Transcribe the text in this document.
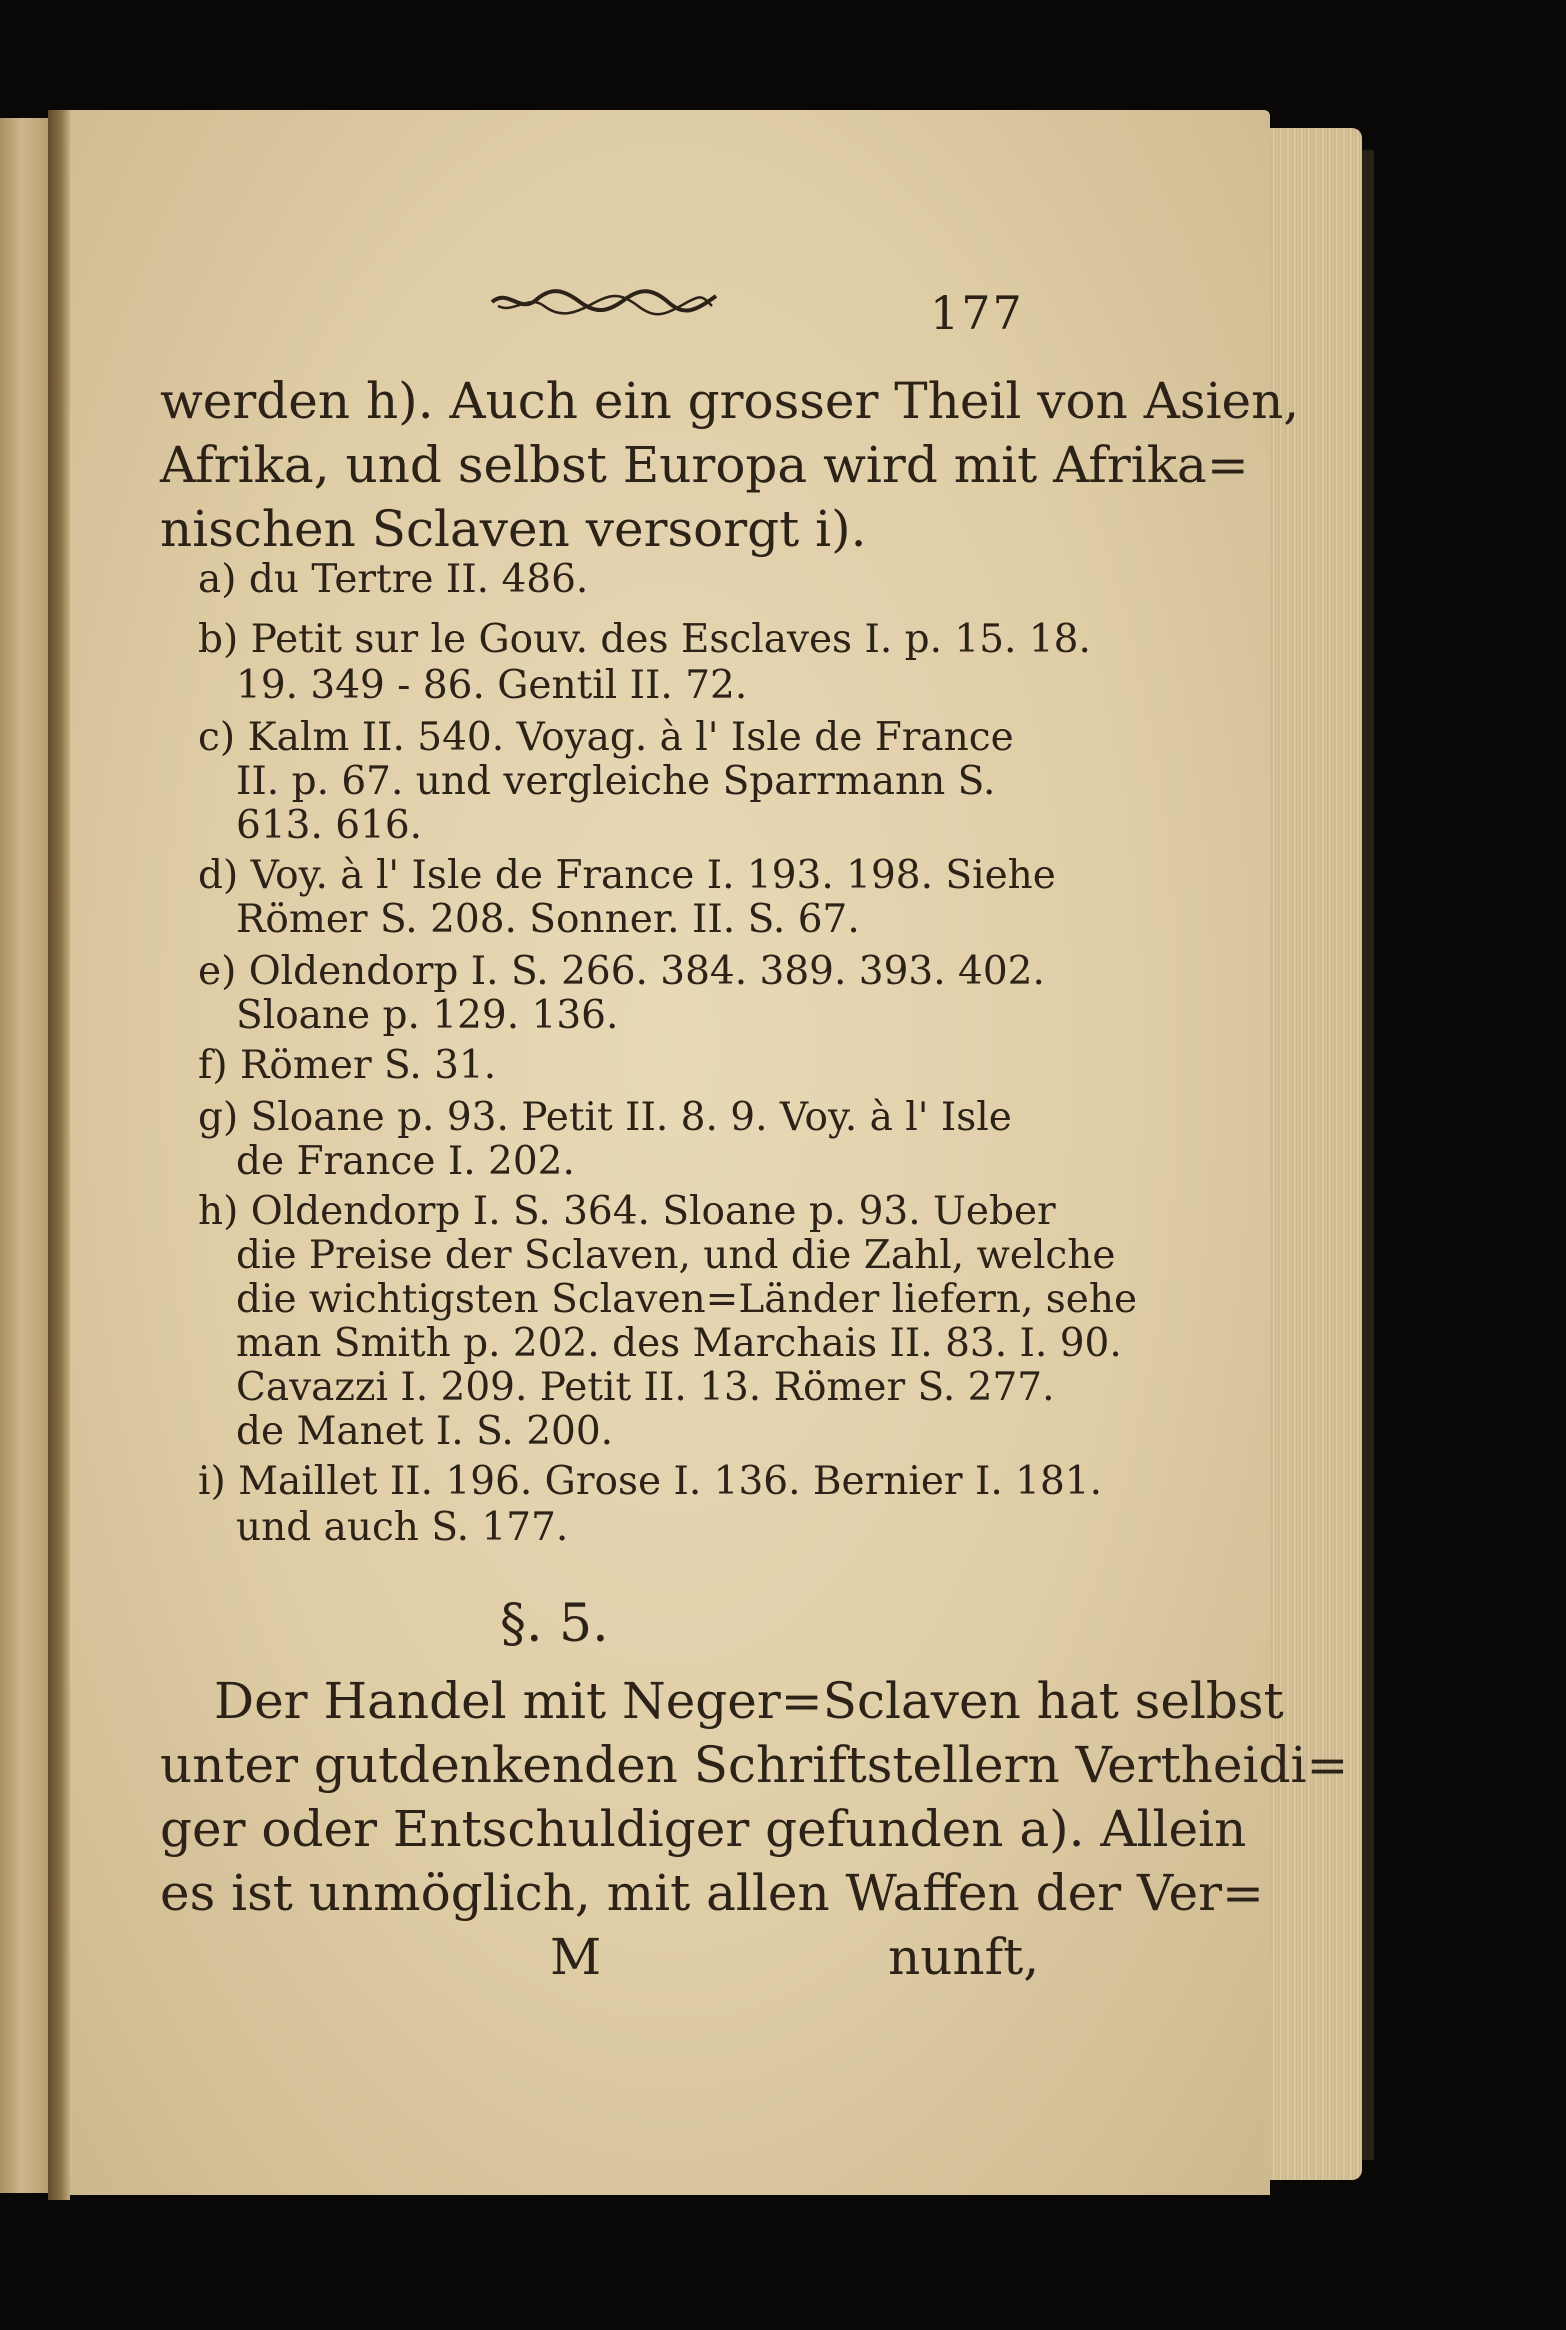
177
werden h). Auch ein grosser Theil von Asien,
Afrika, und selbst Europa wird mit Afrika=
nischen Sclaven versorgt i).
a) du Tertre II. 486.
b) Petit sur le Gouv. des Esclaves I. p. 15. 18.
19. 349 - 86. Gentil II. 72.
c) Kalm II. 540. Voyag. à l' Isle de France
II. p. 67. und vergleiche Sparrmann S.
613. 616.
d) Voy. à l' Isle de France I. 193. 198. Siehe
Römer S. 208. Sonner. II. S. 67.
e) Oldendorp I. S. 266. 384. 389. 393. 402.
Sloane p. 129. 136.
f) Römer S. 31.
g) Sloane p. 93. Petit II. 8. 9. Voy. à l' Isle
de France I. 202.
h) Oldendorp I. S. 364. Sloane p. 93. Ueber
die Preise der Sclaven, und die Zahl, welche
die wichtigsten Sclaven=Länder liefern, sehe
man Smith p. 202. des Marchais II. 83. I. 90.
Cavazzi I. 209. Petit II. 13. Römer S. 277.
de Manet I. S. 200.
i) Maillet II. 196. Grose I. 136. Bernier I. 181.
und auch S. 177.
§. 5.
Der Handel mit Neger=Sclaven hat selbst
unter gutdenkenden Schriftstellern Vertheidi=
ger oder Entschuldiger gefunden a). Allein
es ist unmöglich, mit allen Waffen der Ver=
M	nunft,
